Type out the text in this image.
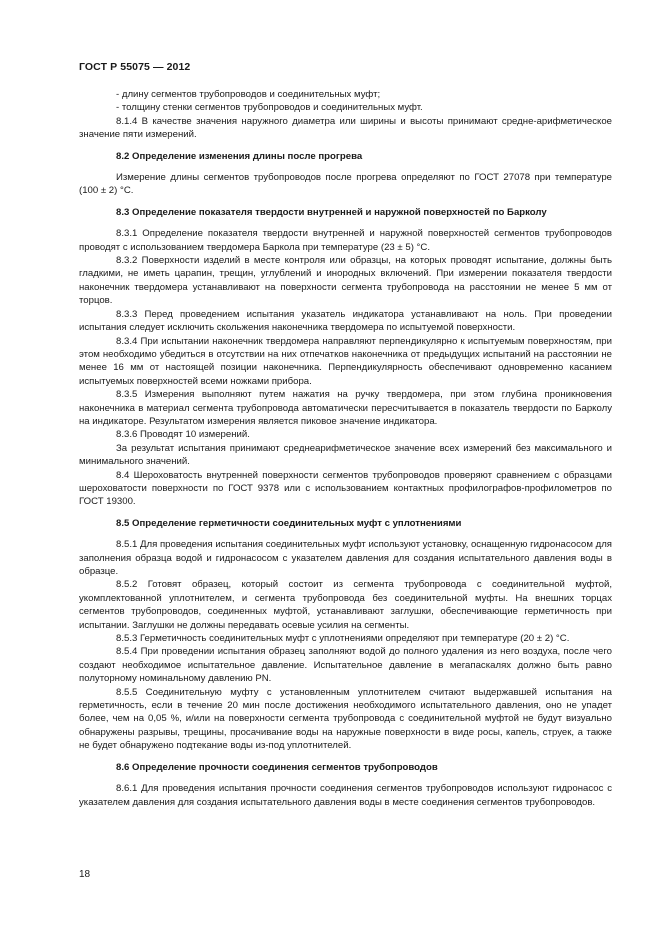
ГОСТ Р 55075 — 2012

- длину сегментов трубопроводов и соединительных муфт;

- толщину стенки сегментов трубопроводов и соединительных муфт.

8.1.4 В качестве значения наружного диаметра или ширины и высоты принимают средне-арифметическое значение пяти измерений.

8.2 Определение изменения длины после прогрева

Измерение длины сегментов трубопроводов после прогрева определяют по ГОСТ 27078 при температуре (100 ± 2) °С.

8.3 Определение показателя твердости внутренней и наружной поверхностей по Барколу

8.3.1 Определение показателя твердости внутренней и наружной поверхностей сегментов трубопроводов проводят с использованием твердомера Баркола при температуре (23 ± 5) °С.

8.3.2 Поверхности изделий в месте контроля или образцы, на которых проводят испытание, должны быть гладкими, не иметь царапин, трещин, углублений и инородных включений. При измерении показателя твердости наконечник твердомера устанавливают на поверхности сегмента трубопровода на расстоянии не менее 5 мм от торцов.

8.3.3 Перед проведением испытания указатель индикатора устанавливают на ноль. При проведении испытания следует исключить скольжения наконечника твердомера по испытуемой поверхности.

8.3.4 При испытании наконечник твердомера направляют перпендикулярно к испытуемым поверхностям, при этом необходимо убедиться в отсутствии на них отпечатков наконечника от предыдущих испытаний на расстоянии не менее 16 мм от настоящей позиции наконечника. Перпендикулярность обеспечивают одновременно касанием испытуемых поверхностей всеми ножками прибора.

8.3.5 Измерения выполняют путем нажатия на ручку твердомера, при этом глубина проникновения наконечника в материал сегмента трубопровода автоматически пересчитывается в показатель твердости по Барколу на индикаторе. Результатом измерения является пиковое значение индикатора.

8.3.6 Проводят 10 измерений.

За результат испытания принимают среднеарифметическое значение всех измерений без максимального и минимального значений.

8.4 Шероховатость внутренней поверхности сегментов трубопроводов проверяют сравнением с образцами шероховатости поверхности по ГОСТ 9378 или с использованием контактных профилографов-профилометров по ГОСТ 19300.

8.5 Определение герметичности соединительных муфт с уплотнениями

8.5.1 Для проведения испытания соединительных муфт используют установку, оснащенную гидронасосом для заполнения образца водой и гидронасосом с указателем давления для создания испытательного давления воды в образце.

8.5.2 Готовят образец, который состоит из сегмента трубопровода с соединительной муфтой, укомплектованной уплотнителем, и сегмента трубопровода без соединительной муфты. На внешних торцах сегментов трубопроводов, соединенных муфтой, устанавливают заглушки, обеспечивающие герметичность при испытании. Заглушки не должны передавать осевые усилия на сегменты.

8.5.3 Герметичность соединительных муфт с уплотнениями определяют при температуре (20 ± 2) °С.

8.5.4 При проведении испытания образец заполняют водой до полного удаления из него воздуха, после чего создают необходимое испытательное давление. Испытательное давление в мегапаскалях должно быть равно полуторному номинальному давлению PN.

8.5.5 Соединительную муфту с установленным уплотнителем считают выдержавшей испытания на герметичность, если в течение 20 мин после достижения необходимого испытательного давления, оно не упадет более, чем на 0,05 %, и/или на поверхности сегмента трубопровода с соединительной муфтой не будут визуально обнаружены разрывы, трещины, просачивание воды на наружные поверхности в виде росы, капель, струек, а также не будет обнаружено подтекание воды из-под уплотнителей.

8.6 Определение прочности соединения сегментов трубопроводов

8.6.1 Для проведения испытания прочности соединения сегментов трубопроводов используют гидронасос с указателем давления для создания испытательного давления воды в месте соединения сегментов трубопроводов.

18
